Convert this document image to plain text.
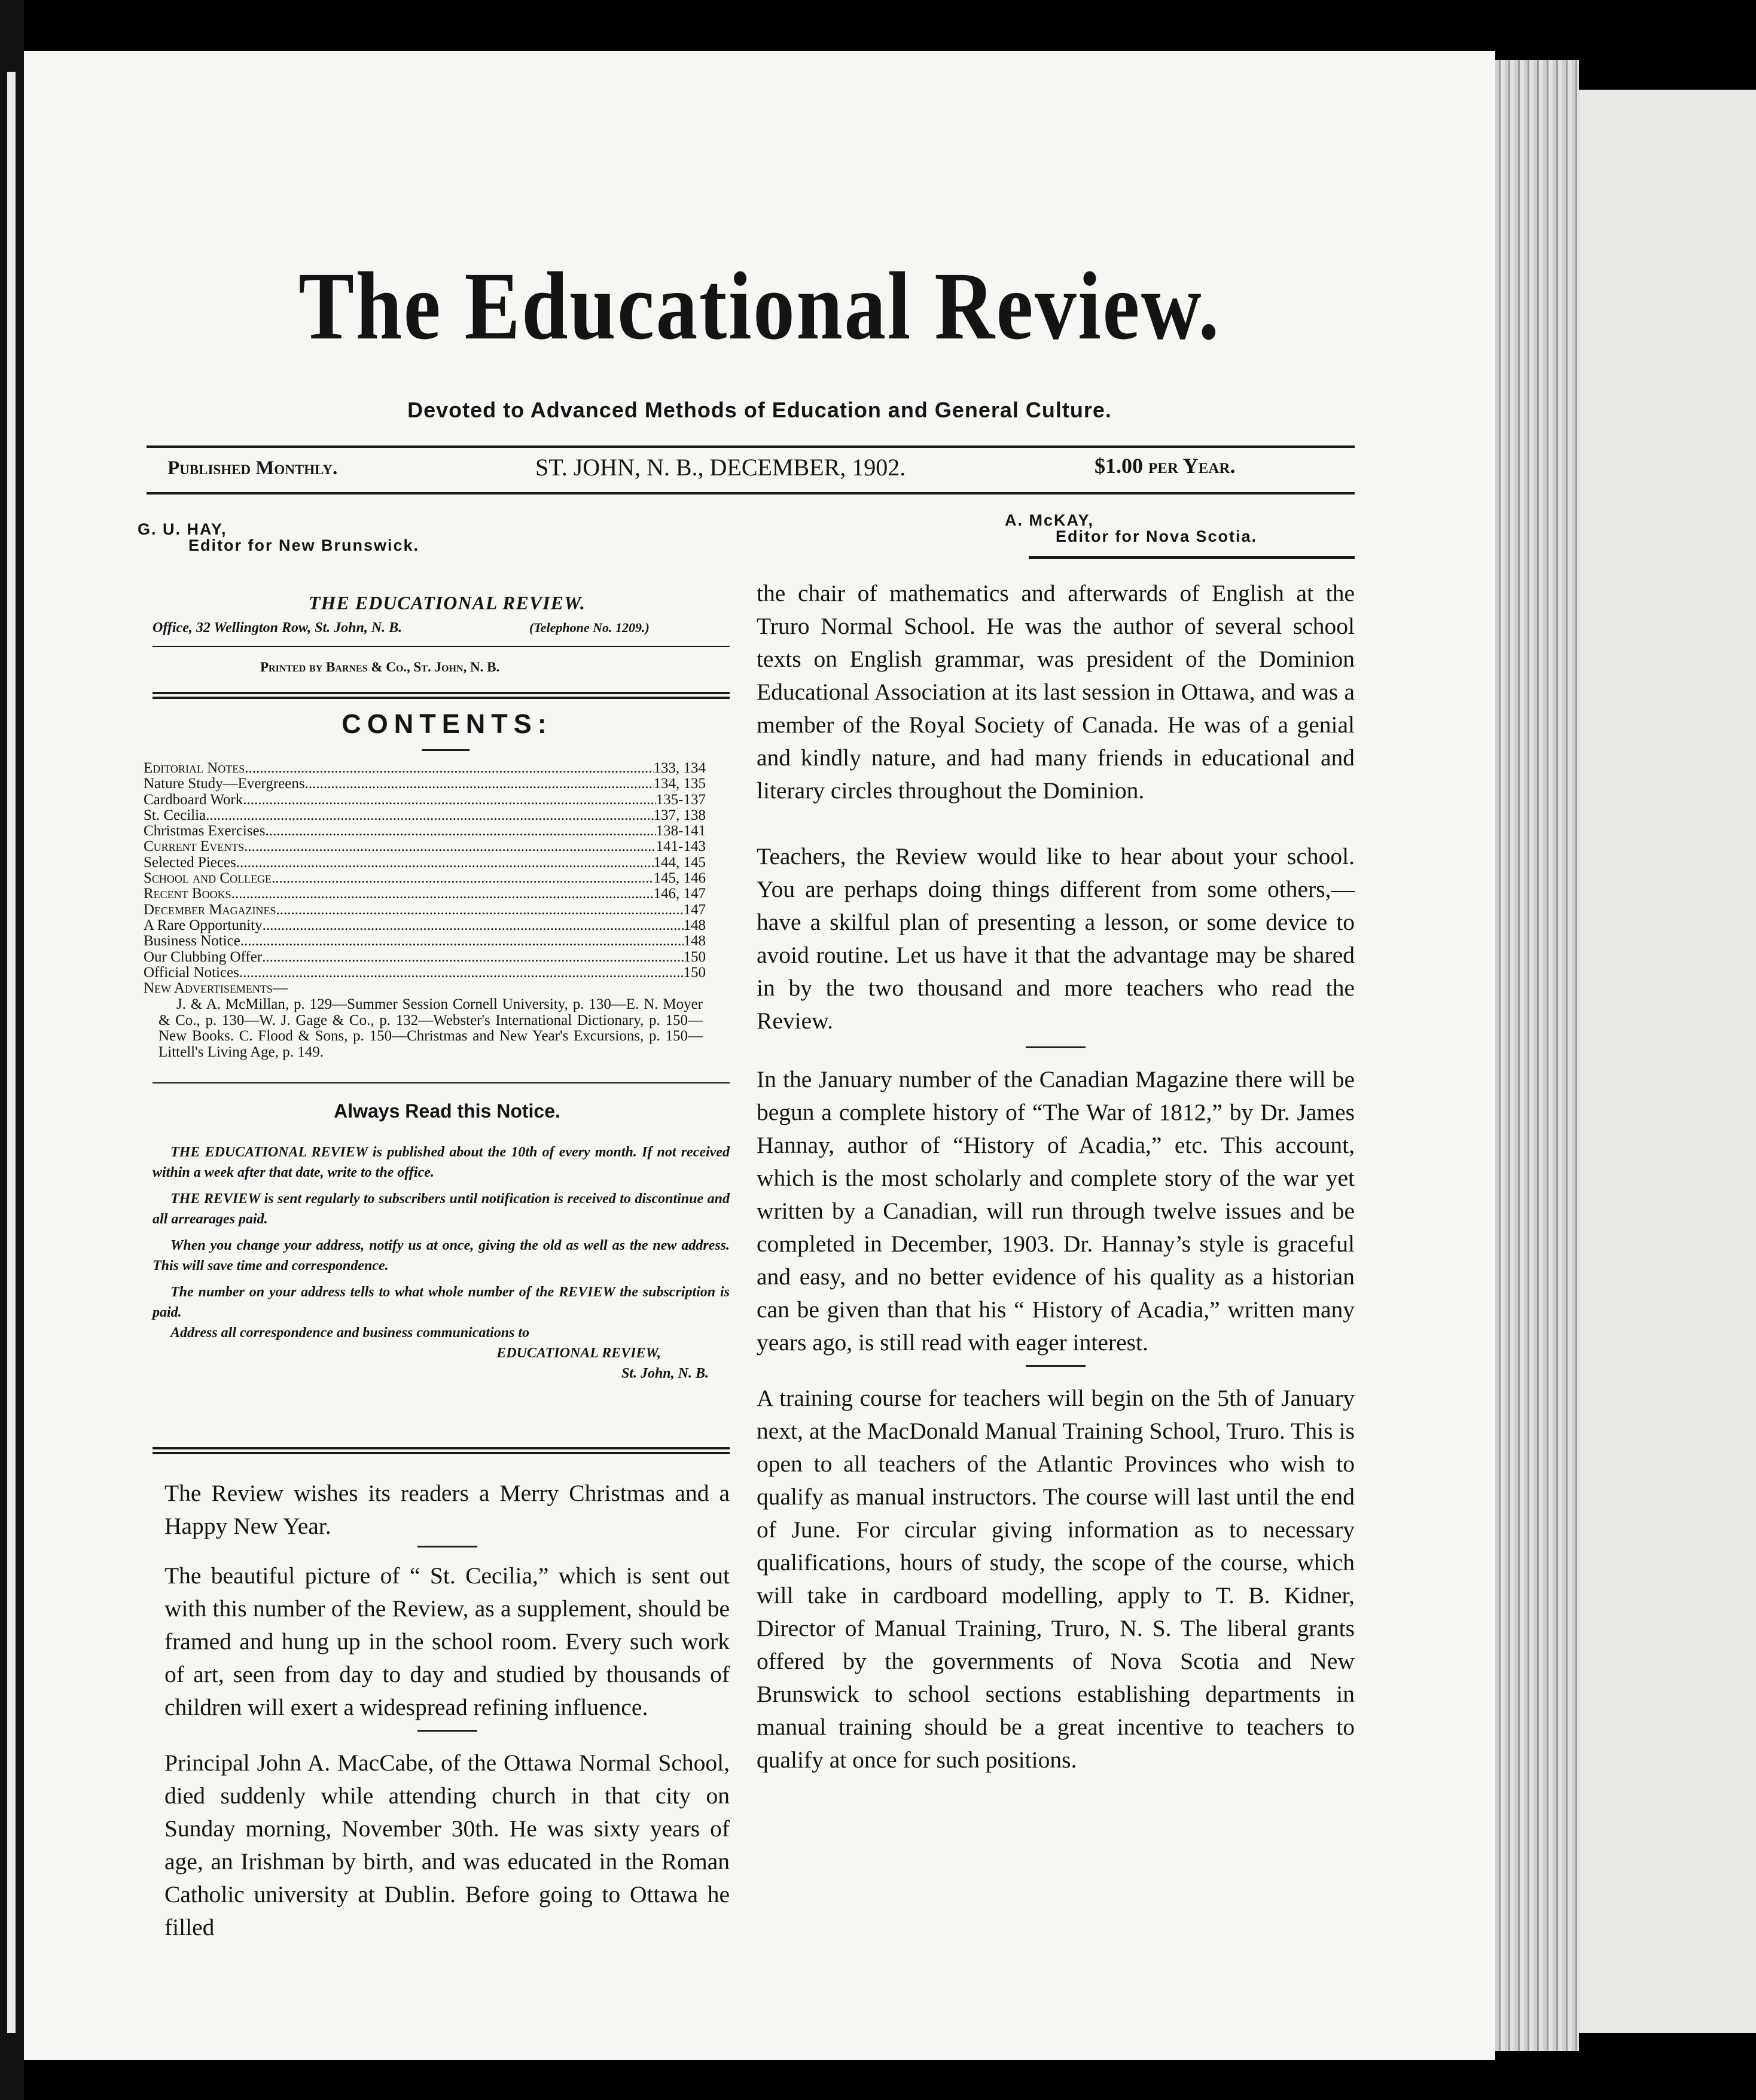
The Educational Review.
Devoted to Advanced Methods of Education and General Culture.
Published Monthly.	ST. JOHN, N. B., DECEMBER, 1902.	$1.00 per Year.
G. U. HAY,
Editor for New Brunswick.
A. McKAY,
Editor for Nova Scotia.
THE EDUCATIONAL REVIEW.
Office, 32 Wellington Row, St. John, N. B.	(Telephone No. 1209.)
Printed by Barnes & Co., St. John, N. B.
CONTENTS:
Editorial Notes .....	133, 134
Nature Study—Evergreens .....	134, 135
Cardboard Work .....	135-137
St. Cecilia .....	137, 138
Christmas Exercises .....	138-141
Current Events .....	141-143
Selected Pieces .....	144, 145
School and College .....	145, 146
Recent Books .....	146, 147
December Magazines .....	147
A Rare Opportunity .....	148
Business Notice .....	148
Our Clubbing Offer .....	150
Official Notices .....	150
New Advertisements—

J. & A. McMillan, p. 129—Summer Session Cornell University, p. 130—E. N. Moyer & Co., p. 130—W. J. Gage & Co., p. 132—Webster's International Dictionary, p. 150—New Books. C. Flood & Sons, p. 150—Christmas and New Year's Excursions, p. 150—Littell's Living Age, p. 149.

Always Read this Notice.

THE EDUCATIONAL REVIEW is published about the 10th of every month. If not received within a week after that date, write to the office.

THE REVIEW is sent regularly to subscribers until notification is received to discontinue and all arrearages paid.

When you change your address, notify us at once, giving the old as well as the new address. This will save time and correspondence.

The number on your address tells to what whole number of the REVIEW the subscription is paid.

Address all correspondence and business communications to

EDUCATIONAL REVIEW,

St. John, N. B.

The Review wishes its readers a Merry Christmas and a Happy New Year.

The beautiful picture of “ St. Cecilia,” which is sent out with this number of the Review, as a supplement, should be framed and hung up in the school room. Every such work of art, seen from day to day and studied by thousands of children will exert a widespread refining influence.

Principal John A. MacCabe, of the Ottawa Normal School, died suddenly while attending church in that city on Sunday morning, November 30th. He was sixty years of age, an Irishman by birth, and was educated in the Roman Catholic university at Dublin. Before going to Ottawa he filled

the chair of mathematics and afterwards of English at the Truro Normal School. He was the author of several school texts on English grammar, was president of the Dominion Educational Association at its last session in Ottawa, and was a member of the Royal Society of Canada. He was of a genial and kindly nature, and had many friends in educational and literary circles throughout the Dominion.

Teachers, the Review would like to hear about your school. You are perhaps doing things different from some others,—have a skilful plan of presenting a lesson, or some device to avoid routine. Let us have it that the advantage may be shared in by the two thousand and more teachers who read the Review.

In the January number of the Canadian Magazine there will be begun a complete history of “The War of 1812,” by Dr. James Hannay, author of “History of Acadia,” etc. This account, which is the most scholarly and complete story of the war yet written by a Canadian, will run through twelve issues and be completed in December, 1903. Dr. Hannay’s style is graceful and easy, and no better evidence of his quality as a historian can be given than that his “ History of Acadia,” written many years ago, is still read with eager interest.

A training course for teachers will begin on the 5th of January next, at the MacDonald Manual Training School, Truro. This is open to all teachers of the Atlantic Provinces who wish to qualify as manual instructors. The course will last until the end of June. For circular giving information as to necessary qualifications, hours of study, the scope of the course, which will take in cardboard modelling, apply to T. B. Kidner, Director of Manual Training, Truro, N. S. The liberal grants offered by the governments of Nova Scotia and New Brunswick to school sections establishing departments in manual training should be a great incentive to teachers to qualify at once for such positions.
